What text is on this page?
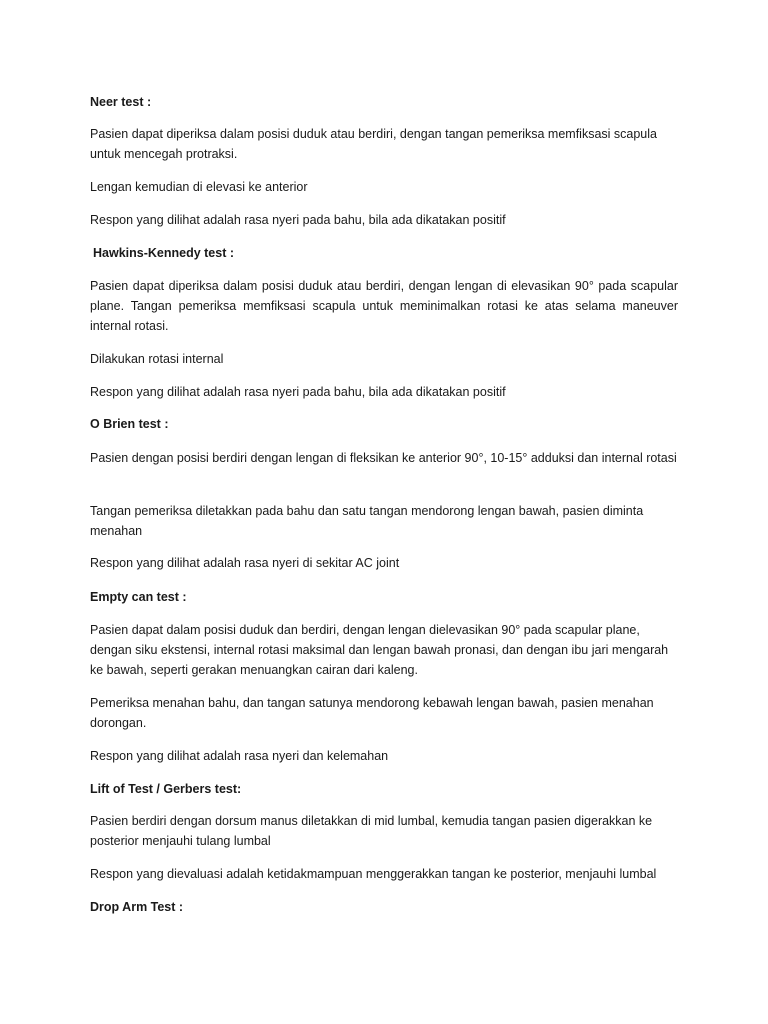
Neer test :

Pasien dapat diperiksa dalam posisi duduk atau berdiri, dengan tangan pemeriksa memfiksasi scapula untuk mencegah protraksi.

Lengan kemudian di elevasi ke anterior

Respon yang dilihat adalah rasa nyeri pada bahu, bila ada dikatakan positif

Hawkins-Kennedy test :

Pasien dapat diperiksa dalam posisi duduk atau berdiri, dengan lengan di elevasikan 90° pada scapular plane. Tangan pemeriksa memfiksasi scapula untuk meminimalkan rotasi ke atas selama maneuver internal rotasi.

Dilakukan rotasi internal

Respon yang dilihat adalah rasa nyeri pada bahu, bila ada dikatakan positif

O Brien test :

Pasien dengan posisi berdiri dengan lengan di fleksikan ke anterior 90°, 10-15° adduksi dan internal rotasi

Tangan pemeriksa diletakkan pada bahu dan satu tangan mendorong lengan bawah, pasien diminta menahan

Respon yang dilihat adalah rasa nyeri di sekitar AC joint

Empty can test :

Pasien dapat dalam posisi duduk dan berdiri, dengan lengan dielevasikan 90° pada scapular plane, dengan siku ekstensi, internal rotasi maksimal dan lengan bawah pronasi, dan dengan ibu jari mengarah ke bawah, seperti gerakan menuangkan cairan dari kaleng.

Pemeriksa menahan bahu, dan tangan satunya mendorong kebawah lengan bawah, pasien menahan dorongan.

Respon yang dilihat adalah rasa nyeri dan kelemahan

Lift of Test / Gerbers test:

Pasien berdiri dengan dorsum manus diletakkan di mid lumbal, kemudia tangan pasien digerakkan ke posterior menjauhi tulang lumbal

Respon yang dievaluasi adalah ketidakmampuan menggerakkan tangan ke posterior, menjauhi lumbal

Drop Arm Test :
